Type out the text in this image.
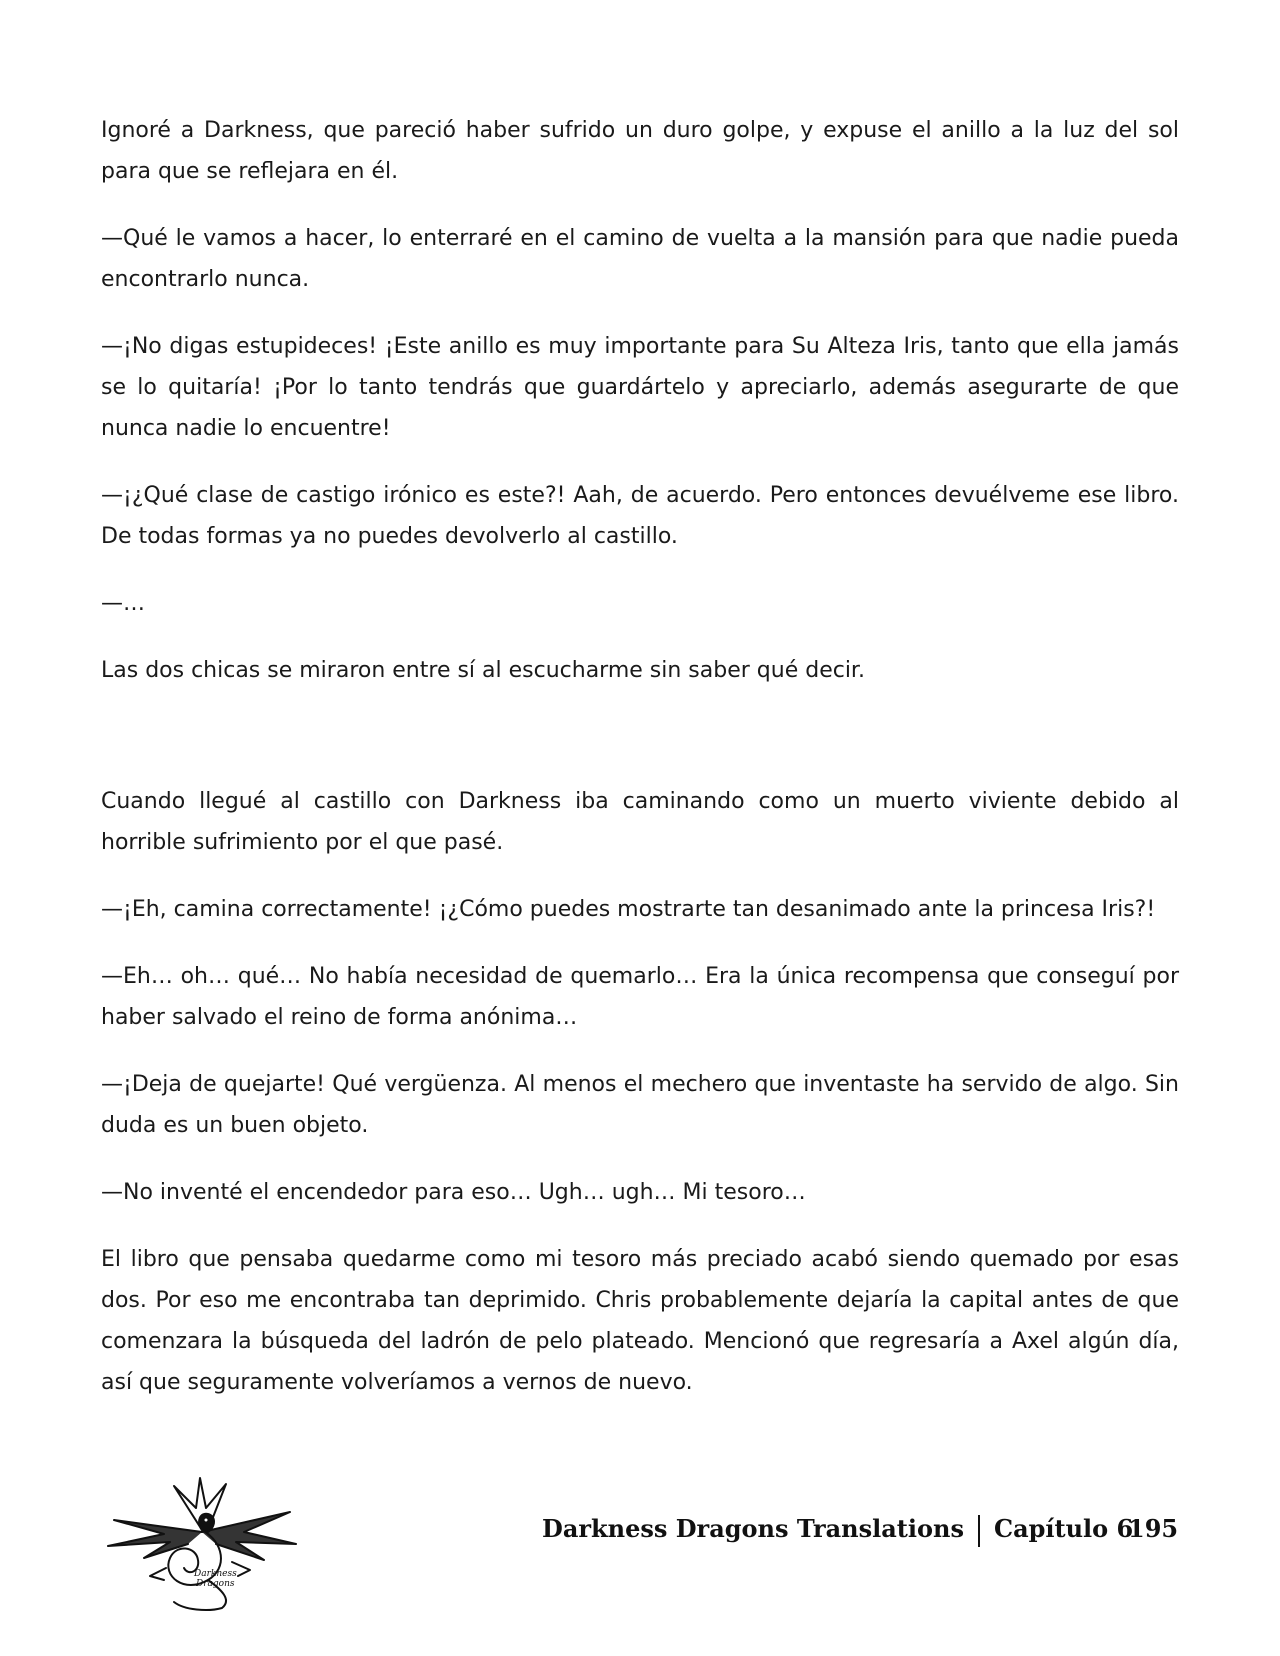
Ignoré a Darkness, que pareció haber sufrido un duro golpe, y expuse el anillo a la luz del sol para que se reflejara en él.

—Qué le vamos a hacer, lo enterraré en el camino de vuelta a la mansión para que nadie pueda encontrarlo nunca.

—¡No digas estupideces! ¡Este anillo es muy importante para Su Alteza Iris, tanto que ella jamás se lo quitaría! ¡Por lo tanto tendrás que guardártelo y apreciarlo, además asegurarte de que nunca nadie lo encuentre!

—¡¿Qué clase de castigo irónico es este?! Aah, de acuerdo. Pero entonces devuélveme ese libro. De todas formas ya no puedes devolverlo al castillo.

—…

Las dos chicas se miraron entre sí al escucharme sin saber qué decir.

Cuando llegué al castillo con Darkness iba caminando como un muerto viviente debido al horrible sufrimiento por el que pasé.

—¡Eh, camina correctamente! ¡¿Cómo puedes mostrarte tan desanimado ante la princesa Iris?!

—Eh… oh… qué… No había necesidad de quemarlo… Era la única recompensa que conseguí por haber salvado el reino de forma anónima…

—¡Deja de quejarte! Qué vergüenza. Al menos el mechero que inventaste ha servido de algo. Sin duda es un buen objeto.

—No inventé el encendedor para eso… Ugh… ugh… Mi tesoro…

El libro que pensaba quedarme como mi tesoro más preciado acabó siendo quemado por esas dos. Por eso me encontraba tan deprimido. Chris probablemente dejaría la capital antes de que comenzara la búsqueda del ladrón de pelo plateado. Mencionó que regresaría a Axel algún día, así que seguramente volveríamos a vernos de nuevo.

Darkness
Dragons
Darkness Dragons Translations Capítulo 6
195
